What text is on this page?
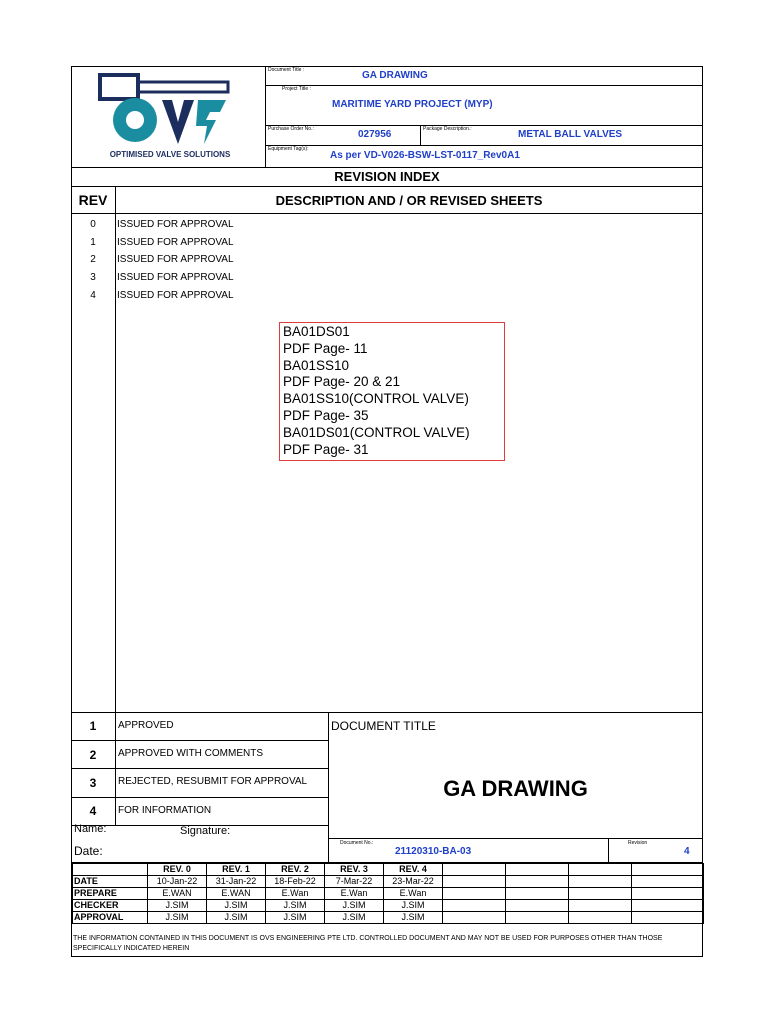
OPTIMISED VALVE SOLUTIONS
Document Title :	GA DRAWING
Project Title :
MARITIME YARD PROJECT (MYP)
Purchase Order No.:	027956	Package Description.:	METAL BALL VALVES
Equipment Tag(s):
As per VD-V026-BSW-LST-0117_Rev0A1
REVISION INDEX
REV	DESCRIPTION AND / OR REVISED SHEETS
0	ISSUED FOR APPROVAL
1	ISSUED FOR APPROVAL
2	ISSUED FOR APPROVAL
3	ISSUED FOR APPROVAL
4	ISSUED FOR APPROVAL
BA01DS01
PDF Page- 11
BA01SS10
PDF Page- 20 & 21
BA01SS10(CONTROL VALVE)
PDF Page- 35
BA01DS01(CONTROL VALVE)
PDF Page- 31
1	APPROVED
2	APPROVED WITH COMMENTS
3	REJECTED, RESUBMIT FOR APPROVAL
4	FOR INFORMATION
Name:	Signature:
Date:
DOCUMENT TITLE
GA DRAWING
Document No.:
21120310-BA-03
Revision
4
	REV. 0	REV. 1	REV. 2	REV. 3	REV. 4				
DATE	10-Jan-22	31-Jan-22	18-Feb-22	7-Mar-22	23-Mar-22				
PREPARE	E.WAN	E.WAN	E.Wan	E.Wan	E.Wan				
CHECKER	J.SIM	J.SIM	J.SIM	J.SIM	J.SIM				
APPROVAL	J.SIM	J.SIM	J.SIM	J.SIM	J.SIM				
THE INFORMATION CONTAINED IN THIS DOCUMENT IS OVS ENGINEERING PTE LTD. CONTROLLED DOCUMENT AND MAY NOT BE USED FOR PURPOSES OTHER THAN THOSE SPECIFICALLY INDICATED HEREIN
